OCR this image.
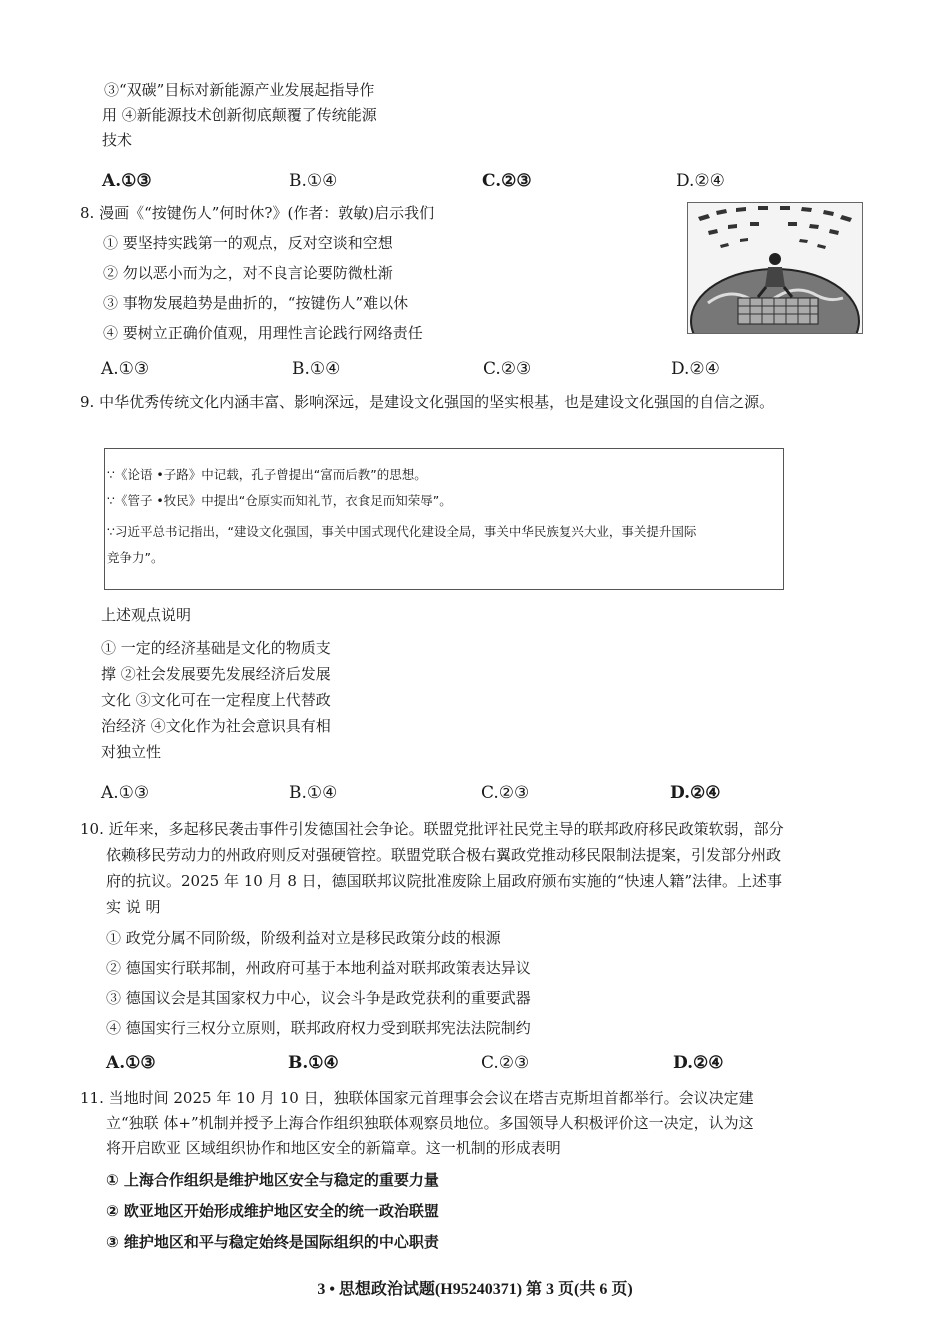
③“双碳”目标对新能源产业发展起指导作
用 ④新能源技术创新彻底颠覆了传统能源
技术
A.①③	B.①④	C.②③	D.②④
8. 漫画《“按键伤人”何时休?》(作者：敦敏)启示我们
① 要坚持实践第一的观点，反对空谈和空想
② 勿以恶小而为之，对不良言论要防微杜渐
③ 事物发展趋势是曲折的，“按键伤人”难以休
④ 要树立正确价值观，用理性言论践行网络责任
A.①③	B.①④	C.②③	D.②④
9. 中华优秀传统文化内涵丰富、影响深远，是建设文化强国的坚实根基，也是建设文化强国的自信之源。
∵《论语 •子路》中记载，孔子曾提出“富而后教”的思想。
∵《管子 •牧民》中提出“仓原实而知礼节，衣食足而知荣辱”。
∵习近平总书记指出，“建设文化强国，事关中国式现代化建设全局，事关中华民族复兴大业，事关提升国际
竞争力”。
上述观点说明
① 一定的经济基础是文化的物质支
撑 ②社会发展要先发展经济后发展
文化 ③文化可在一定程度上代替政
治经济 ④文化作为社会意识具有相
对独立性
A.①③	B.①④	C.②③	D.②④
10. 近年来，多起移民袭击事件引发德国社会争论。联盟党批评社民党主导的联邦政府移民政策软弱，部分
依赖移民劳动力的州政府则反对强硬管控。联盟党联合极右翼政党推动移民限制法提案，引发部分州政
府的抗议。2025 年 10 月 8 日，德国联邦议院批准废除上届政府颁布实施的“快速人籍”法律。上述事
实 说 明
① 政党分属不同阶级，阶级利益对立是移民政策分歧的根源
② 德国实行联邦制，州政府可基于本地利益对联邦政策表达异议
③ 德国议会是其国家权力中心，议会斗争是政党获利的重要武器
④ 德国实行三权分立原则，联邦政府权力受到联邦宪法法院制约
A.①③	B.①④	C.②③	D.②④
11. 当地时间 2025 年 10 月 10 日，独联体国家元首理事会会议在塔吉克斯坦首都举行。会议决定建
立“独联 体+”机制并授予上海合作组织独联体观察员地位。多国领导人积极评价这一决定，认为这
将开启欧亚 区域组织协作和地区安全的新篇章。这一机制的形成表明
① 上海合作组织是维护地区安全与稳定的重要力量
② 欧亚地区开始形成维护地区安全的统一政治联盟
③ 维护地区和平与稳定始终是国际组织的中心职责
3 • 思想政治试题(H95240371) 第 3 页(共 6 页)
